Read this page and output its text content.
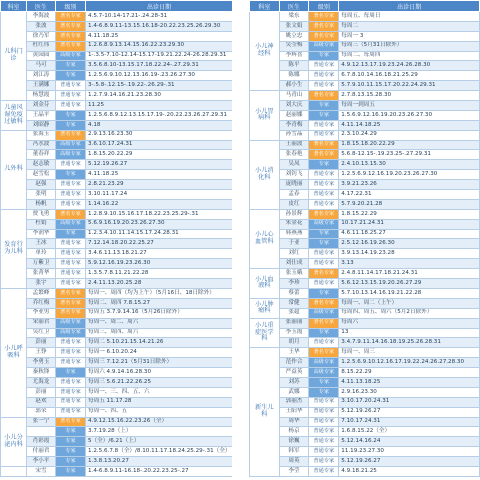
科室	医生	级别	出诊日期
儿科门诊	李海波	著名专家	4.5.7-10.14-17.21-.24.28-31
	张波	著名专家	1.4-6.8.9.11-13.15.16.18-20.22.23.25.26.29.30
	徐乃军	著名专家	4.11.18.25
	杜红伟	著名专家	1.2.6.8.9.13.14.15.16.22.23.29.30
	黄园园	高级专家	1-.3.5-7.10-12.14-15.17-19.21.22.24-26.28.29.31
	马可	专家	3.5.6.8.10-13.15.17.18.22.24-.27.29.31
	刘江涛	专家	1.2.5.6.9.10.12.13.16.19-.23.26.27.30
	王满娜	普通专家	3-.5.8-.12.15-.19.22-.26.29-.31
	杨慧霞	普通专家	1.2.7.9.14.16.21.23.28.30
儿童风湿免疫过敏科	刘金芬	普通专家	11.25
	王晶平	专家	1.2.5.6.8.9.12.13.15.17.19-.20.22.23.26.27.29.31
	刘昭静	专家	4.18
儿外科	张海玉	著名专家	2.9.13.16.23.30
	冯水波	高级专家	3.6.10.17.24.31
	董春祥	高级专家	1.8.15.20.22.29
	赵志敏	普通专家	5.12.19.26.27
	赵雪松	专家	4.11.18.25
	赵强	普通专家	2.8.21.23.29
	张明	普通专家	3.10.11.17.24
	杨帆	普通专家	1.14.16.22
发育行为儿科	贾飞勇	著名专家	1.2.8.9.10.15.16.17.18.22.23.25.29-.31
	杜娟	高级专家	5.6.9.16.19.20.23.26.27.30
	李润华	专家	1.2.3.4.10.11.14.15.17.24.28.31
	王冰	普通专家	7.12.14.18.20.22.25.27
	单玲	普通专家	3.4.6.11.13.18.21.27
	万紫卫	普通专家	5.9.12.16.19.23.26.30
	张菁华	普通专家	1.3.5.7.8.11.21.22.28
	张宇	普通专家	2.4.11.13.20.25.28
小儿呼吸科	孟繁峰	著名专家	每周一、周四（均为上午）（5月16日、18日除外）
	乔红梅	著名专家	每周二、周四 7.8.15.27
	李亚男	著名专家	每周五 3.7.9.14.16（5月26日除外）
	宋丽君	高级专家	每周一、周二、周六
	吴红卫	高级专家	每周三、周四、周六
	彭丽	普通专家	每周二 5.10.21.15.14.21.26
	王铮	普通专家	每周一 6.10.20.24
	李勇玉	普通专家	每周三 7.12.21（5月31日除外）
	秦秋锋	专家	每周六 4.9.14.16.28.30
	尤海龙	普通专家	每周三 5.6.21.22.26.25
	彭丽	普通专家	每周一、三、四、五、六
	赵欢	普通专家	每周五 11.17.28
	郭荣	普通专家	每周一、四、五
小儿分泌内科	张一宁	著名专家	4.9.12.15.16.22.23.26（全）
		专家	3.7.19.28（上）
	肖彩霞	专家	5（全）/6.21（上）
	付丽君	专家	1.2.5.6.7.8（全）/8.10.11.17.18.24.25.29-.31（全）
	李小平	专家	1.3.8.13.20.27
	宋雪	专家	1.4-6.8.9.11-16.18-.20.22.23.25-.27
科室	医生	级别	出诊日期
小儿神经科	梁东	著名专家	每周五、每周日
	张文娟	著名专家	每周二
	姚立忠	著名专家	每周一 3
	吴莹梅	高级专家	每周三（5月31日除外）
	李辉喜	专家	每周二、每周四
	陈平	普通专家	4.9.12.13.17.19.23.24.26.28.30
	陈娜	普通专家	6.7.8.10.14.16.18.21.25.29
	郝小生	普通专家	5.7.9.10.11.15.17.20.22.24.29.31
小儿胃病科	马青山	著名专家	2.7.8.13.15.28.30
	刘大庆	专家	每周一到周五
	赵丽娜	专家	1.5.6.9.12.16.19.20.23.26.27.30
	李青梅	普通专家	4.11.14.18.25
	孙雪晶	普通专家	2.3.10.24.29
小儿消化科	王丽波	著名专家	1.8.15.18.20.22.29
	张春艳	著名专家	5.6.8-12.15-.19.23.25-.27.29.31
	吴凤	专家	2.4.10.13.15.30
	刘钊飞	普通专家	1.2.5.6.9.12.16.19.20.23.26.27.30
	庞晓丽	普通专家	3.9.21.23.26
	孟春	普通专家	4.17.22.31
	皮红	普通专家	5.7.9.20.21.28
小儿心血管科	孙景辉	著名专家	1.8.15.22.29
	朱金花	高级专家	10.17.21.24.31
	韩燕燕	专家	4.6.11.18.25.27
	于亚	专家	2.5.12.16.19.26.30
	刘红	普通专家	3.9.13.14.19.23.28
	刘仕成	普通专家	3.13
小儿血液科	张玉娥	著名专家	2.4.8.11.14.17.18.21.24.31
	李珍	普通专家	5.6.12.13.15.19.20.26.27.29
	蔡蕾	专家	5.7.10.13.14.16.19.21.22.28
小儿肿瘤科	常健	著名专家	每周一、周二（上午）
	张超	高级专家	每周四、周五、周六（5月2日除外）
小儿重症医学科	张丽丽	著名专家	每周六
	李玉霞	专家	13
	胡月	普通专家	3.4.7.9.11.14.16.18.19.25.26.28.31
新生儿科	王华	著名专家	每周一、周三
	范作合	高级专家	1.2.5.6.9.10.12.16.17.19.22.24.26.27.28.30
	严益英	高级专家	8.15.22.29
	刘苏	专家	4.11.13.18.25
	武娜	专家	2.9.16.23.30
	郭丽杰	普通专家	3.10.17.20.24.31
	王阳华	普通专家	5.12.19.26.27
	周华	普通专家	7.10.17.24.31
	杨京	普通专家	1.6.8.15.22（全）
	徐巍	普通专家	5.12.14.16.24
	韩军	普通专家	11.19.23.27.30
	周英	普通专家	5.12.19.26.27
	李莹	普通专家	4.9.18.21.25
